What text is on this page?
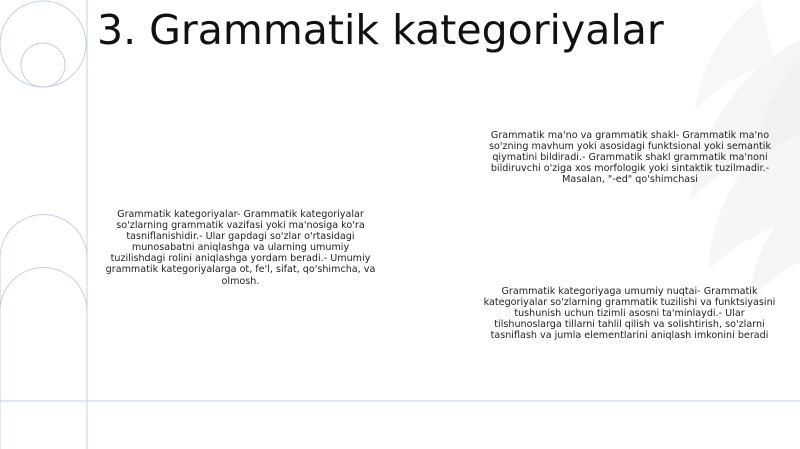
3. Grammatik kategoriyalar

Grammatik kategoriyalar- Grammatik kategoriyalar so'zlarning grammatik vazifasi yoki ma'nosiga ko'ra tasniflanishidir.- Ular gapdagi so'zlar o'rtasidagi munosabatni aniqlashga va ularning umumiy tuzilishdagi rolini aniqlashga yordam beradi.- Umumiy grammatik kategoriyalarga ot, fe'l, sifat, qo'shimcha, va olmosh.

Grammatik ma'no va grammatik shakl- Grammatik ma'no so'zning mavhum yoki asosidagi funktsional yoki semantik qiymatini bildiradi.- Grammatik shakl grammatik ma'noni bildiruvchi o'ziga xos morfologik yoki sintaktik tuzilmadir.- Masalan, "-ed" qo'shimchasi

Grammatik kategoriyaga umumiy nuqtai- Grammatik kategoriyalar so'zlarning grammatik tuzilishi va funktsiyasini tushunish uchun tizimli asosni ta'minlaydi.- Ular tilshunoslarga tillarni tahlil qilish va solishtirish, so'zlarni tasniflash va jumla elementlarini aniqlash imkonini beradi
